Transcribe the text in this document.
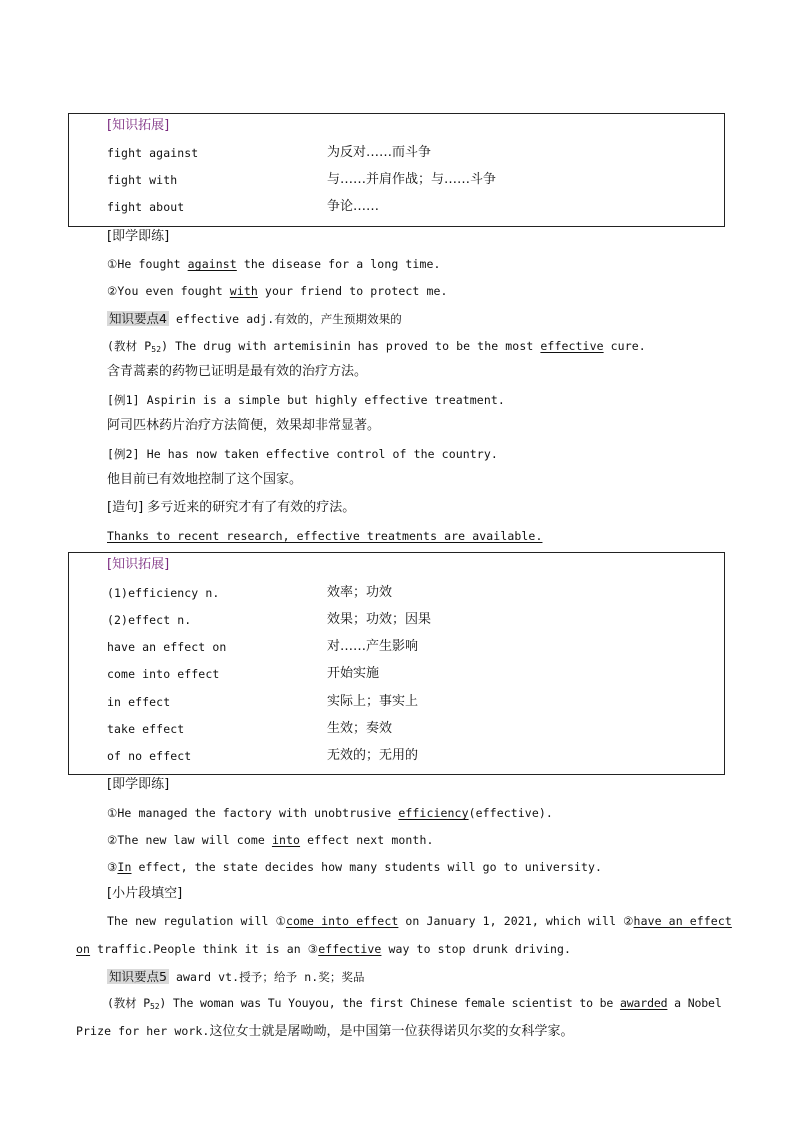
[知识拓展]
fight against	为反对……而斗争
fight with	与……并肩作战；与……斗争
fight about	争论……
[即学即练]
①He fought against the disease for a long time.
②You even fought with your friend to protect me.
知识要点4 effective adj.有效的，产生预期效果的
(教材 $P_{52}$) The drug with artemisinin has proved to be the most effective cure.
含青蒿素的药物已证明是最有效的治疗方法。
[例1] Aspirin is a simple but highly effective treatment.
阿司匹林药片治疗方法简便，效果却非常显著。
[例2] He has now taken effective control of the country.
他目前已有效地控制了这个国家。
[造句] 多亏近来的研究才有了有效的疗法。
Thanks to recent research, effective treatments are available.
[知识拓展]
(1)efficiency n.	效率；功效
(2)effect n.	效果；功效；因果
have an effect on	对……产生影响
come into effect	开始实施
in effect	实际上；事实上
take effect	生效；奏效
of no effect	无效的；无用的
[即学即练]
①He managed the factory with unobtrusive efficiency(effective).
②The new law will come into effect next month.
③In effect, the state decides how many students will go to university.
[小片段填空]
The new regulation will ①come into effect on January 1, 2021, which will ②have an effect
on traffic.People think it is an ③effective way to stop drunk driving.
知识要点5 award vt.授予；给予 n.奖；奖品
(教材 $P_{52}$) The woman was Tu Youyou, the first Chinese female scientist to be awarded a Nobel
Prize for her work.这位女士就是屠呦呦，是中国第一位获得诺贝尔奖的女科学家。
